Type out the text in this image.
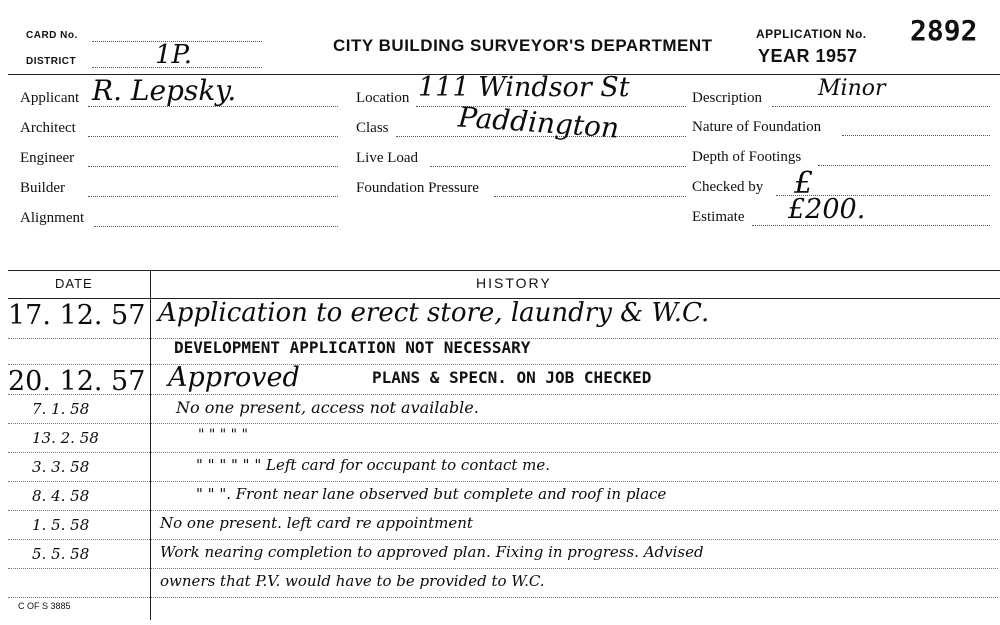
CARD No.
DISTRICT	1P.	CITY BUILDING SURVEYOR'S DEPARTMENT
APPLICATION No. 2892
YEAR 1957
Applicant R. Lepsky.
Architect
Engineer
Builder
Alignment
Location 111 Windsor St
Class Paddington
Live Load
Foundation Pressure
Description	Minor
Nature of Foundation
Depth of Footings
Checked by £
Estimate £200.
DATE	HISTORY
17. 12. 57 Application to erect store, laundry & W.C.
DEVELOPMENT APPLICATION NOT NECESSARY
20. 12. 57 Approved	PLANS & SPECN. ON JOB CHECKED
7. 1. 58	No one present, access not available.
13. 2. 58	" " " " "
3. 3. 58	" " " " " " Left card for occupant to contact me.
8. 4. 58	" " ". Front near lane observed but complete and roof in place
1. 5. 58	No one present. left card re appointment
5. 5. 58	Work nearing completion to approved plan. Fixing in progress. Advised
owners that P.V. would have to be provided to W.C.
C OF S 3885
